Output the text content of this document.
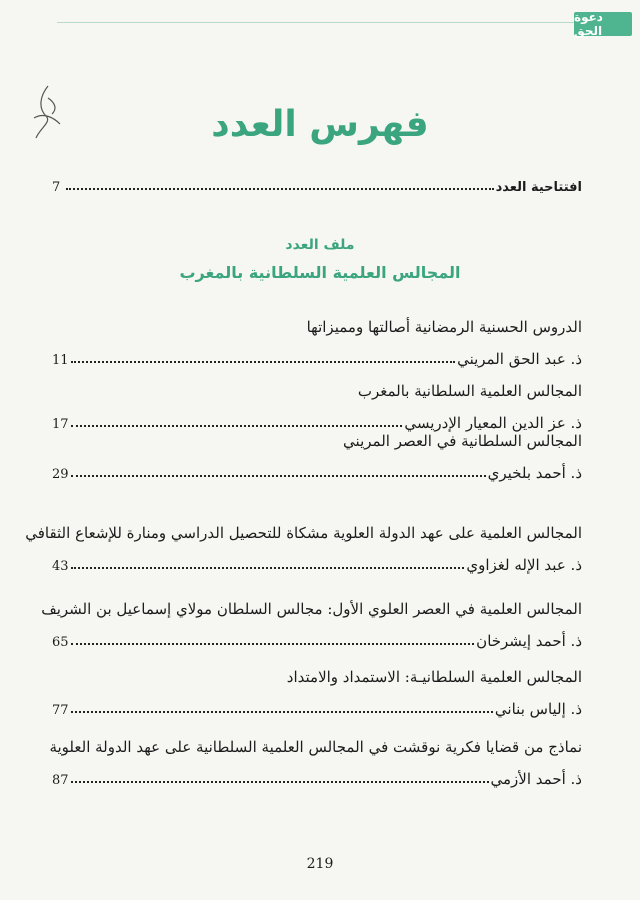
دعوة الحق
فهرس العدد
افتتاحية العدد
7
ملف العدد
المجالس العلمية السلطانية بالمغرب
الدروس الحسنية الرمضانية أصالتها ومميزاتها
ذ. عبد الحق المريني
11
المجالس العلمية السلطانية بالمغرب
ذ. عز الدين المعيار الإدريسي
17
المجالس السلطانية في العصر المريني
ذ. أحمد بلخيري
29
المجالس العلمية على عهد الدولة العلوية مشكاة للتحصيل الدراسي ومنارة للإشعاع الثقافي
ذ. عبد الإله لغزاوي
43
المجالس العلمية في العصر العلوي الأول: مجالس السلطان مولاي إسماعيل بن الشريف
ذ. أحمد إيشرخان
65
المجالس العلمية السلطانيـة: الاستمداد والامتداد
ذ. إلياس بناني
77
نماذج من قضايا فكرية نوقشت في المجالس العلمية السلطانية على عهد الدولة العلوية
ذ. أحمد الأزمي
87
219
